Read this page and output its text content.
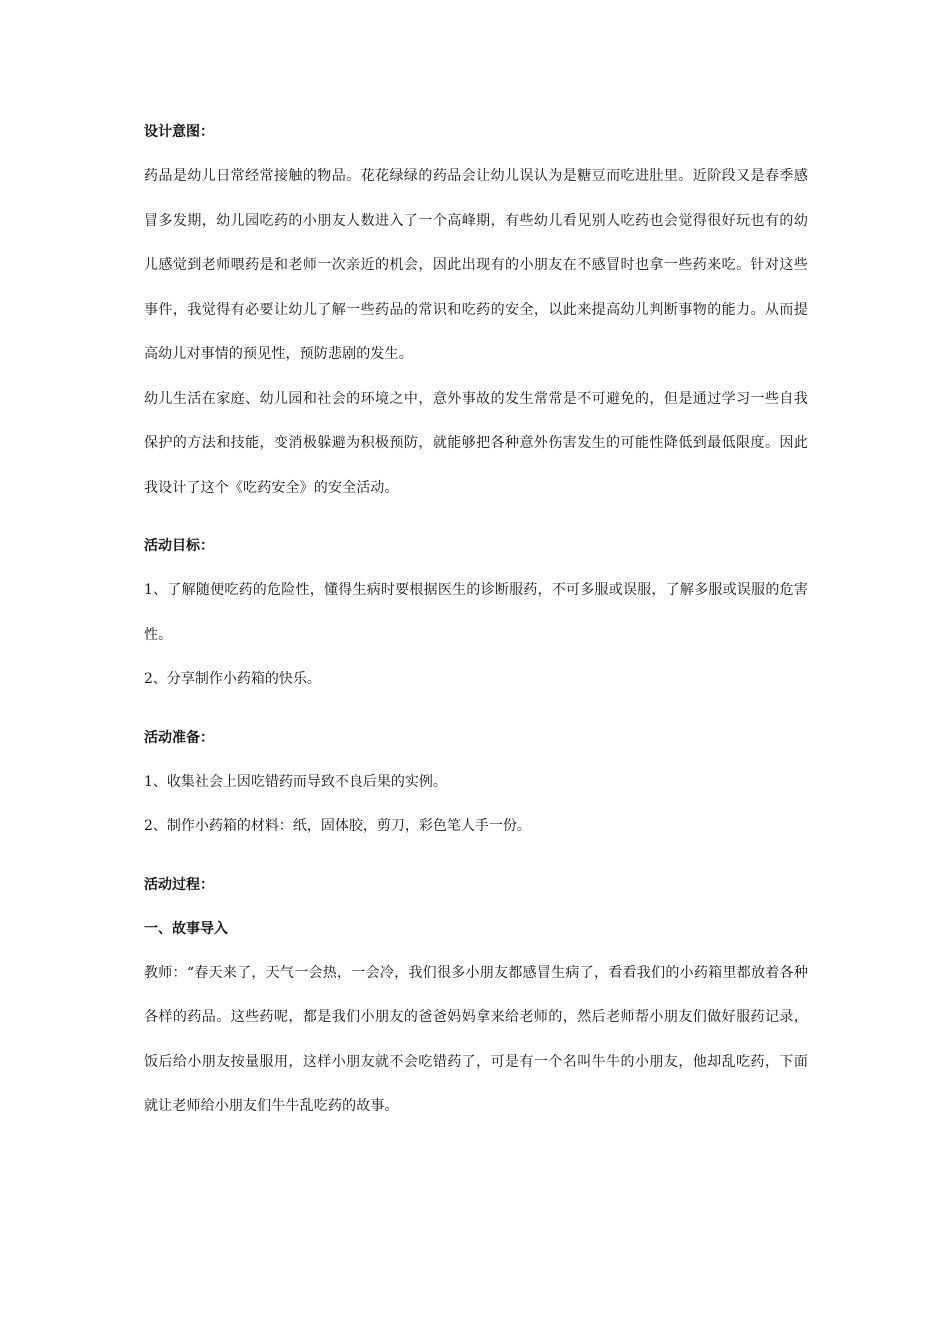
设计意图：

药品是幼儿日常经常接触的物品。花花绿绿的药品会让幼儿误认为是糖豆而吃进肚里。近阶段又是春季感冒多发期，幼儿园吃药的小朋友人数进入了一个高峰期，有些幼儿看见别人吃药也会觉得很好玩也有的幼儿感觉到老师喂药是和老师一次亲近的机会，因此出现有的小朋友在不感冒时也拿一些药来吃。针对这些事件，我觉得有必要让幼儿了解一些药品的常识和吃药的安全，以此来提高幼儿判断事物的能力。从而提高幼儿对事情的预见性，预防悲剧的发生。

幼儿生活在家庭、幼儿园和社会的环境之中，意外事故的发生常常是不可避免的，但是通过学习一些自我保护的方法和技能，变消极躲避为积极预防，就能够把各种意外伤害发生的可能性降低到最低限度。因此我设计了这个《吃药安全》的安全活动。

活动目标：

1、了解随便吃药的危险性，懂得生病时要根据医生的诊断服药，不可多服或误服，了解多服或误服的危害性。

2、分享制作小药箱的快乐。

活动准备：

1、收集社会上因吃错药而导致不良后果的实例。

2、制作小药箱的材料：纸，固体胶，剪刀，彩色笔人手一份。

活动过程：

一、故事导入

教师：“春天来了，天气一会热，一会冷，我们很多小朋友都感冒生病了，看看我们的小药箱里都放着各种各样的药品。这些药呢，都是我们小朋友的爸爸妈妈拿来给老师的，然后老师帮小朋友们做好服药记录，饭后给小朋友按量服用，这样小朋友就不会吃错药了，可是有一个名叫牛牛的小朋友，他却乱吃药，下面就让老师给小朋友们牛牛乱吃药的故事。
